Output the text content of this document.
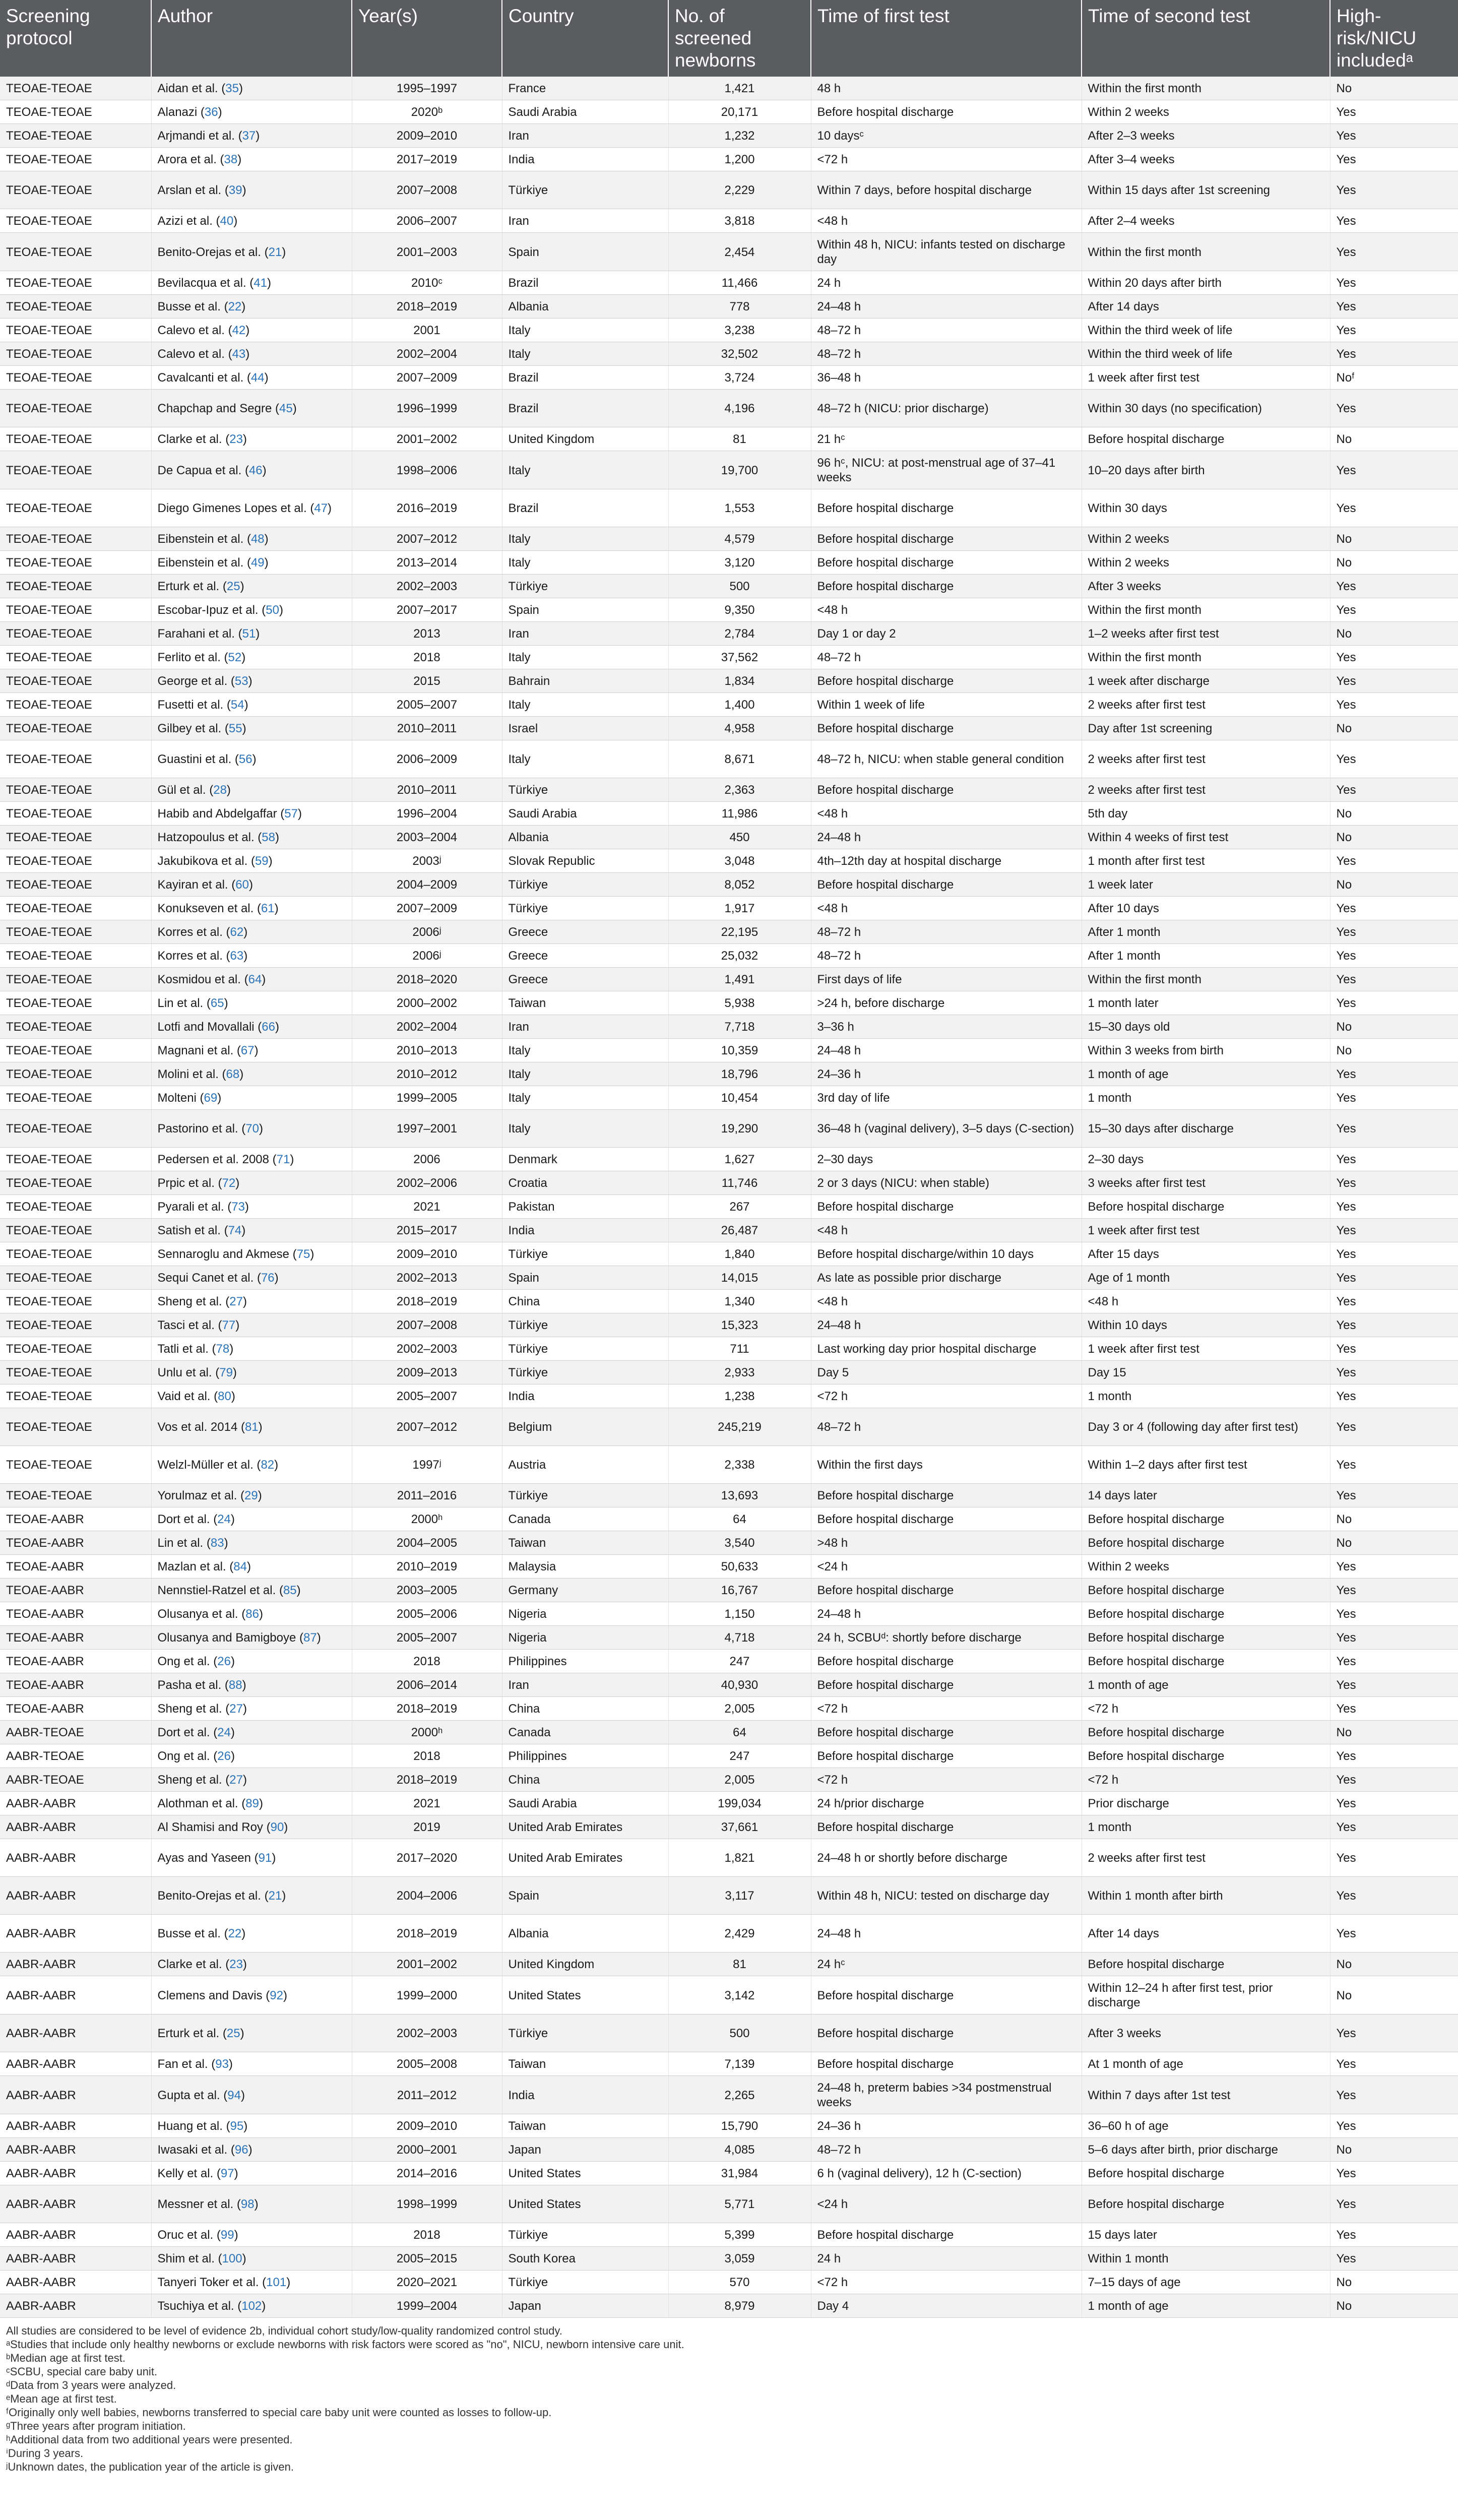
Screening protocol	Author	Year(s)	Country	No. of screened newborns	Time of first test	Time of second test	High-risk/NICU includedᵃ
TEOAE-TEOAE	Aidan et al. (35)	1995–1997	France	1,421	48 h	Within the first month	No
TEOAE-TEOAE	Alanazi (36)	2020ᵇ	Saudi Arabia	20,171	Before hospital discharge	Within 2 weeks	Yes
TEOAE-TEOAE	Arjmandi et al. (37)	2009–2010	Iran	1,232	10 daysᶜ	After 2–3 weeks	Yes
TEOAE-TEOAE	Arora et al. (38)	2017–2019	India	1,200	<72 h	After 3–4 weeks	Yes
TEOAE-TEOAE	Arslan et al. (39)	2007–2008	Türkiye	2,229	Within 7 days, before hospital discharge	Within 15 days after 1st screening	Yes
TEOAE-TEOAE	Azizi et al. (40)	2006–2007	Iran	3,818	<48 h	After 2–4 weeks	Yes
TEOAE-TEOAE	Benito-Orejas et al. (21)	2001–2003	Spain	2,454	Within 48 h, NICU: infants tested on discharge day	Within the first month	Yes
TEOAE-TEOAE	Bevilacqua et al. (41)	2010ᶜ	Brazil	11,466	24 h	Within 20 days after birth	Yes
TEOAE-TEOAE	Busse et al. (22)	2018–2019	Albania	778	24–48 h	After 14 days	Yes
TEOAE-TEOAE	Calevo et al. (42)	2001	Italy	3,238	48–72 h	Within the third week of life	Yes
TEOAE-TEOAE	Calevo et al. (43)	2002–2004	Italy	32,502	48–72 h	Within the third week of life	Yes
TEOAE-TEOAE	Cavalcanti et al. (44)	2007–2009	Brazil	3,724	36–48 h	1 week after first test	Noᶠ
TEOAE-TEOAE	Chapchap and Segre (45)	1996–1999	Brazil	4,196	48–72 h (NICU: prior discharge)	Within 30 days (no specification)	Yes
TEOAE-TEOAE	Clarke et al. (23)	2001–2002	United Kingdom	81	21 hᶜ	Before hospital discharge	No
TEOAE-TEOAE	De Capua et al. (46)	1998–2006	Italy	19,700	96 hᶜ, NICU: at post-menstrual age of 37–41 weeks	10–20 days after birth	Yes
TEOAE-TEOAE	Diego Gimenes Lopes et al. (47)	2016–2019	Brazil	1,553	Before hospital discharge	Within 30 days	Yes
TEOAE-TEOAE	Eibenstein et al. (48)	2007–2012	Italy	4,579	Before hospital discharge	Within 2 weeks	No
TEOAE-TEOAE	Eibenstein et al. (49)	2013–2014	Italy	3,120	Before hospital discharge	Within 2 weeks	No
TEOAE-TEOAE	Erturk et al. (25)	2002–2003	Türkiye	500	Before hospital discharge	After 3 weeks	Yes
TEOAE-TEOAE	Escobar-Ipuz et al. (50)	2007–2017	Spain	9,350	<48 h	Within the first month	Yes
TEOAE-TEOAE	Farahani et al. (51)	2013	Iran	2,784	Day 1 or day 2	1–2 weeks after first test	No
TEOAE-TEOAE	Ferlito et al. (52)	2018	Italy	37,562	48–72 h	Within the first month	Yes
TEOAE-TEOAE	George et al. (53)	2015	Bahrain	1,834	Before hospital discharge	1 week after discharge	Yes
TEOAE-TEOAE	Fusetti et al. (54)	2005–2007	Italy	1,400	Within 1 week of life	2 weeks after first test	Yes
TEOAE-TEOAE	Gilbey et al. (55)	2010–2011	Israel	4,958	Before hospital discharge	Day after 1st screening	No
TEOAE-TEOAE	Guastini et al. (56)	2006–2009	Italy	8,671	48–72 h, NICU: when stable general condition	2 weeks after first test	Yes
TEOAE-TEOAE	Gül et al. (28)	2010–2011	Türkiye	2,363	Before hospital discharge	2 weeks after first test	Yes
TEOAE-TEOAE	Habib and Abdelgaffar (57)	1996–2004	Saudi Arabia	11,986	<48 h	5th day	No
TEOAE-TEOAE	Hatzopoulus et al. (58)	2003–2004	Albania	450	24–48 h	Within 4 weeks of first test	No
TEOAE-TEOAE	Jakubikova et al. (59)	2003ʲ	Slovak Republic	3,048	4th–12th day at hospital discharge	1 month after first test	Yes
TEOAE-TEOAE	Kayiran et al. (60)	2004–2009	Türkiye	8,052	Before hospital discharge	1 week later	No
TEOAE-TEOAE	Konukseven et al. (61)	2007–2009	Türkiye	1,917	<48 h	After 10 days	Yes
TEOAE-TEOAE	Korres et al. (62)	2006ʲ	Greece	22,195	48–72 h	After 1 month	Yes
TEOAE-TEOAE	Korres et al. (63)	2006ʲ	Greece	25,032	48–72 h	After 1 month	Yes
TEOAE-TEOAE	Kosmidou et al. (64)	2018–2020	Greece	1,491	First days of life	Within the first month	Yes
TEOAE-TEOAE	Lin et al. (65)	2000–2002	Taiwan	5,938	>24 h, before discharge	1 month later	Yes
TEOAE-TEOAE	Lotfi and Movallali (66)	2002–2004	Iran	7,718	3–36 h	15–30 days old	No
TEOAE-TEOAE	Magnani et al. (67)	2010–2013	Italy	10,359	24–48 h	Within 3 weeks from birth	No
TEOAE-TEOAE	Molini et al. (68)	2010–2012	Italy	18,796	24–36 h	1 month of age	Yes
TEOAE-TEOAE	Molteni (69)	1999–2005	Italy	10,454	3rd day of life	1 month	Yes
TEOAE-TEOAE	Pastorino et al. (70)	1997–2001	Italy	19,290	36–48 h (vaginal delivery), 3–5 days (C-section)	15–30 days after discharge	Yes
TEOAE-TEOAE	Pedersen et al. 2008 (71)	2006	Denmark	1,627	2–30 days	2–30 days	Yes
TEOAE-TEOAE	Prpic et al. (72)	2002–2006	Croatia	11,746	2 or 3 days (NICU: when stable)	3 weeks after first test	Yes
TEOAE-TEOAE	Pyarali et al. (73)	2021	Pakistan	267	Before hospital discharge	Before hospital discharge	Yes
TEOAE-TEOAE	Satish et al. (74)	2015–2017	India	26,487	<48 h	1 week after first test	Yes
TEOAE-TEOAE	Sennaroglu and Akmese (75)	2009–2010	Türkiye	1,840	Before hospital discharge/within 10 days	After 15 days	Yes
TEOAE-TEOAE	Sequi Canet et al. (76)	2002–2013	Spain	14,015	As late as possible prior discharge	Age of 1 month	Yes
TEOAE-TEOAE	Sheng et al. (27)	2018–2019	China	1,340	<48 h	<48 h	Yes
TEOAE-TEOAE	Tasci et al. (77)	2007–2008	Türkiye	15,323	24–48 h	Within 10 days	Yes
TEOAE-TEOAE	Tatli et al. (78)	2002–2003	Türkiye	711	Last working day prior hospital discharge	1 week after first test	Yes
TEOAE-TEOAE	Unlu et al. (79)	2009–2013	Türkiye	2,933	Day 5	Day 15	Yes
TEOAE-TEOAE	Vaid et al. (80)	2005–2007	India	1,238	<72 h	1 month	Yes
TEOAE-TEOAE	Vos et al. 2014 (81)	2007–2012	Belgium	245,219	48–72 h	Day 3 or 4 (following day after first test)	Yes
TEOAE-TEOAE	Welzl-Müller et al. (82)	1997ʲ	Austria	2,338	Within the first days	Within 1–2 days after first test	Yes
TEOAE-TEOAE	Yorulmaz et al. (29)	2011–2016	Türkiye	13,693	Before hospital discharge	14 days later	Yes
TEOAE-AABR	Dort et al. (24)	2000ʰ	Canada	64	Before hospital discharge	Before hospital discharge	No
TEOAE-AABR	Lin et al. (83)	2004–2005	Taiwan	3,540	>48 h	Before hospital discharge	No
TEOAE-AABR	Mazlan et al. (84)	2010–2019	Malaysia	50,633	<24 h	Within 2 weeks	Yes
TEOAE-AABR	Nennstiel-Ratzel et al. (85)	2003–2005	Germany	16,767	Before hospital discharge	Before hospital discharge	Yes
TEOAE-AABR	Olusanya et al. (86)	2005–2006	Nigeria	1,150	24–48 h	Before hospital discharge	Yes
TEOAE-AABR	Olusanya and Bamigboye (87)	2005–2007	Nigeria	4,718	24 h, SCBUᵈ: shortly before discharge	Before hospital discharge	Yes
TEOAE-AABR	Ong et al. (26)	2018	Philippines	247	Before hospital discharge	Before hospital discharge	Yes
TEOAE-AABR	Pasha et al. (88)	2006–2014	Iran	40,930	Before hospital discharge	1 month of age	Yes
TEOAE-AABR	Sheng et al. (27)	2018–2019	China	2,005	<72 h	<72 h	Yes
AABR-TEOAE	Dort et al. (24)	2000ʰ	Canada	64	Before hospital discharge	Before hospital discharge	No
AABR-TEOAE	Ong et al. (26)	2018	Philippines	247	Before hospital discharge	Before hospital discharge	Yes
AABR-TEOAE	Sheng et al. (27)	2018–2019	China	2,005	<72 h	<72 h	Yes
AABR-AABR	Alothman et al. (89)	2021	Saudi Arabia	199,034	24 h/prior discharge	Prior discharge	Yes
AABR-AABR	Al Shamisi and Roy (90)	2019	United Arab Emirates	37,661	Before hospital discharge	1 month	Yes
AABR-AABR	Ayas and Yaseen (91)	2017–2020	United Arab Emirates	1,821	24–48 h or shortly before discharge	2 weeks after first test	Yes
AABR-AABR	Benito-Orejas et al. (21)	2004–2006	Spain	3,117	Within 48 h, NICU: tested on discharge day	Within 1 month after birth	Yes
AABR-AABR	Busse et al. (22)	2018–2019	Albania	2,429	24–48 h	After 14 days	Yes
AABR-AABR	Clarke et al. (23)	2001–2002	United Kingdom	81	24 hᶜ	Before hospital discharge	No
AABR-AABR	Clemens and Davis (92)	1999–2000	United States	3,142	Before hospital discharge	Within 12–24 h after first test, prior discharge	No
AABR-AABR	Erturk et al. (25)	2002–2003	Türkiye	500	Before hospital discharge	After 3 weeks	Yes
AABR-AABR	Fan et al. (93)	2005–2008	Taiwan	7,139	Before hospital discharge	At 1 month of age	Yes
AABR-AABR	Gupta et al. (94)	2011–2012	India	2,265	24–48 h, preterm babies >34 postmenstrual weeks	Within 7 days after 1st test	Yes
AABR-AABR	Huang et al. (95)	2009–2010	Taiwan	15,790	24–36 h	36–60 h of age	Yes
AABR-AABR	Iwasaki et al. (96)	2000–2001	Japan	4,085	48–72 h	5–6 days after birth, prior discharge	No
AABR-AABR	Kelly et al. (97)	2014–2016	United States	31,984	6 h (vaginal delivery), 12 h (C-section)	Before hospital discharge	Yes
AABR-AABR	Messner et al. (98)	1998–1999	United States	5,771	<24 h	Before hospital discharge	Yes
AABR-AABR	Oruc et al. (99)	2018	Türkiye	5,399	Before hospital discharge	15 days later	Yes
AABR-AABR	Shim et al. (100)	2005–2015	South Korea	3,059	24 h	Within 1 month	Yes
AABR-AABR	Tanyeri Toker et al. (101)	2020–2021	Türkiye	570	<72 h	7–15 days of age	No
AABR-AABR	Tsuchiya et al. (102)	1999–2004	Japan	8,979	Day 4	1 month of age	No
All studies are considered to be level of evidence 2b, individual cohort study/low-quality randomized control study.
ᵃStudies that include only healthy newborns or exclude newborns with risk factors were scored as "no", NICU, newborn intensive care unit.
ᵇMedian age at first test.
ᶜSCBU, special care baby unit.
ᵈData from 3 years were analyzed.
ᵉMean age at first test.
ᶠOriginally only well babies, newborns transferred to special care baby unit were counted as losses to follow-up.
ᵍThree years after program initiation.
ʰAdditional data from two additional years were presented.
ⁱDuring 3 years.
ʲUnknown dates, the publication year of the article is given.
